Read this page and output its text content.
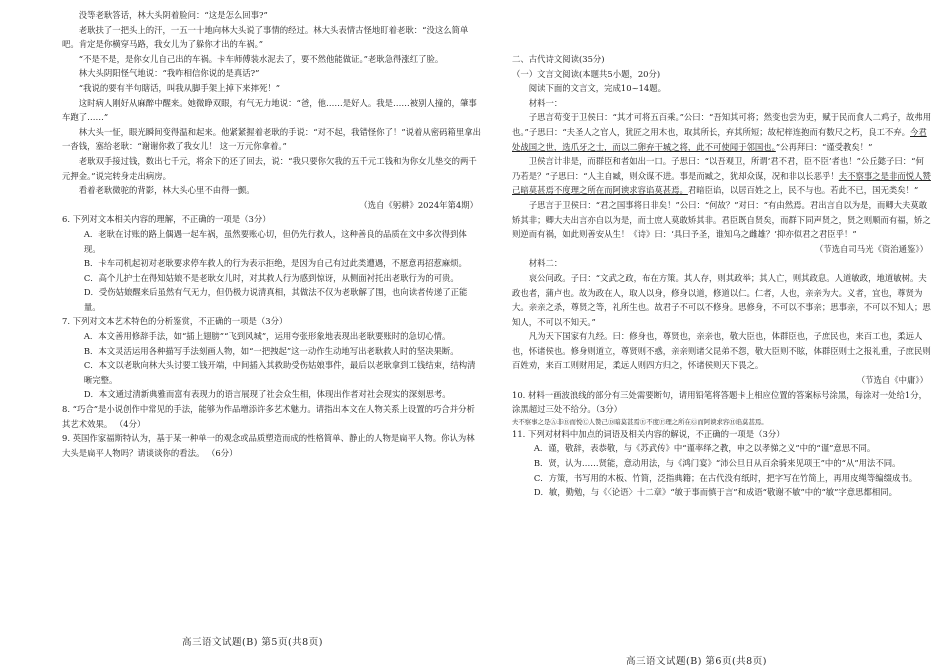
没等老耿答话，林大头阴着脸问：“这是怎么回事?”

老耿扶了一把头上的汗，一五一十地向林大头说了事情的经过。林大头表情古怪地盯着老耿：“没这么简单吧。肯定是你横穿马路，我女儿为了躲你才出的车祸。”

“不是不是，是你女儿自己出的车祸。卡车师傅装水泥去了，要不然他能做证。”老耿急得涨红了脸。

林大头阴阳怪气地说：“我咋相信你说的是真话?”

“我说的要有半句瞎话，叫我从脚手架上掉下来摔死！”

这时病人刚好从麻醉中醒来。她微睁双眼，有气无力地说：“爸，他……是好人。我是……被别人撞的，肇事车跑了……”

林大头一怔，眼光瞬间变得温和起来。他紧紧握着老耿的手说：“对不起，我错怪你了！”说着从密码箱里拿出一沓钱，塞给老耿：“谢谢你救了我女儿！ 这一万元你拿着。”

老耿双手接过钱，数出七千元，将余下的还了回去，说：“我只要你欠我的五千元工钱和为你女儿垫交的两千元押金。”说完转身走出病房。

看着老耿微驼的背影，林大头心里不由得一颤。

（选自《躬耕》2024年第4期）

6. 下列对文本相关内容的理解，不正确的一项是（3分）

A．老耿在讨账的路上偶遇一起车祸，虽然要账心切，但仍先行救人，这种善良的品质在文中多次得到体现。

B．卡车司机起初对老耿要求停车救人的行为表示拒绝，是因为自己有过此类遭遇，不愿意再招惹麻烦。

C．高个儿护士在得知姑娘不是老耿女儿时，对其救人行为感到惊讶，从侧面衬托出老耿行为的可贵。

D．受伤姑娘醒来后虽然有气无力，但仍极力说清真相，其做法不仅为老耿解了围，也向读者传递了正能量。

7. 下列对文本艺术特色的分析鉴赏，不正确的一项是（3分）

A．本文善用修辞手法，如“插上翅膀”“飞到风城”，运用夸张形象地表现出老耿要账时的急切心情。

B．本文灵活运用各种描写手法刻画人物，如“一把拽起”这一动作生动地写出老耿救人时的坚决果断。

C．本文以老耿向林大头讨要工钱开端，中间插入其救助受伤姑娘事件，最后以老耿拿到工钱结束，结构清晰完整。

D．本文通过清新典雅而富有表现力的语言展现了社会众生相，体现出作者对社会现实的深刻思考。

8. “巧合”是小说创作中常见的手法，能够为作品增添许多艺术魅力。请指出本文在人物关系上设置的巧合并分析其艺术效果。 （4分）

9. 英国作家福斯特认为，基于某一种单一的观念或品质塑造而成的性格简单、静止的人物是扁平人物。你认为林大头是扁平人物吗？请谈谈你的看法。 （6分）

高三语文试题(B) 第5页(共8页)

二、古代诗文阅读(35分)

（一）文言文阅读(本题共5小题，20分)

阅读下面的文言文，完成10~14题。

材料一：

子思言苟变于卫侯曰：“其才可将五百乘。”公曰：“吾知其可将；然变也尝为吏，赋于民而食人二鸡子，故弗用也。”子思曰：“夫圣人之官人，犹匠之用木也，取其所长，弃其所短；故杞梓连抱而有数尺之朽，良工不弃。今君处战国之世，选爪牙之士，而以二卵弃干城之将，此不可使闻于邻国也。”公再拜曰：“谨受教矣！”

卫侯言计非是，而群臣和者如出一口。子思曰：“以吾观卫，所谓‘君不君，臣不臣’者也！”公丘懿子曰：“何乃若是？”子思曰：“人主自臧，则众谋不进。事是而臧之，犹却众谋，况和非以长恶乎！夫不察事之是非而悦人赞己暗莫甚焉不度理之所在而阿谀求容谄莫甚焉。君暗臣谄，以居百姓之上，民不与也。若此不已，国无类矣！”

子思言于卫侯曰：“君之国事将日非矣！”公曰：“何故？”对曰：“有由然焉。君出言自以为是，而卿大夫莫敢矫其非；卿大夫出言亦自以为是，而士庶人莫敢矫其非。君臣既自贤矣，而群下同声贤之，贤之则顺而有福，矫之则逆而有祸，如此则善安从生！《诗》曰：‘具曰予圣，谁知乌之雌雄？’抑亦似君之君臣乎！”

（节选自司马光《资治通鉴》）

材料二：

哀公问政。子曰：“文武之政，布在方策。其人存，则其政举；其人亡，则其政息。人道敏政，地道敏树。夫政也者，蒲卢也。故为政在人，取人以身，修身以道，修道以仁。仁者，人也，亲亲为大。义者，宜也，尊贤为大。亲亲之杀，尊贤之等，礼所生也。故君子不可以不修身。思修身，不可以不事亲；思事亲，不可以不知人；思知人，不可以不知天。”

凡为天下国家有九经。曰：修身也，尊贤也，亲亲也，敬大臣也，体群臣也，子庶民也，来百工也，柔远人也，怀诸侯也。修身则道立，尊贤则不惑，亲亲则诸父昆弟不怨，敬大臣则不眩，体群臣则士之报礼重，子庶民则百姓劝，来百工则财用足，柔远人则四方归之，怀诸侯则天下畏之。

（节选自《中庸》）

10. 材料一画波浪线的部分有三处需要断句，请用铅笔将答题卡上相应位置的答案标号涂黑，每涂对一处给1分，涂黑超过三处不给分。（3分）

夫不察事之是Ⓐ非Ⓑ而悦Ⓒ人赞己Ⓓ暗莫甚焉Ⓔ不度Ⓕ理之所在Ⓖ而阿谀求容Ⓗ谄莫甚焉。

11. 下列对材料中加点的词语及相关内容的解说，不正确的一项是（3分）

A．谨，敬辞，表恭敬，与《苏武传》中“谨率绎之教，申之以孝悌之义”中的“谨”意思不同。

B．贤，认为……贤能，意动用法，与《鸿门宴》“沛公旦日从百余骑来见项王”中的“从”用法不同。

C．方策，书写用的木板、竹简，泛指典籍；在古代没有纸时，把字写在竹简上，再用皮绳等编缀成书。

D．敏，勤勉，与《〈论语〉十二章》“敏于事而慎于言”和成语“敬谢不敏”中的“敏”字意思都相同。

高三语文试题(B) 第6页(共8页)
